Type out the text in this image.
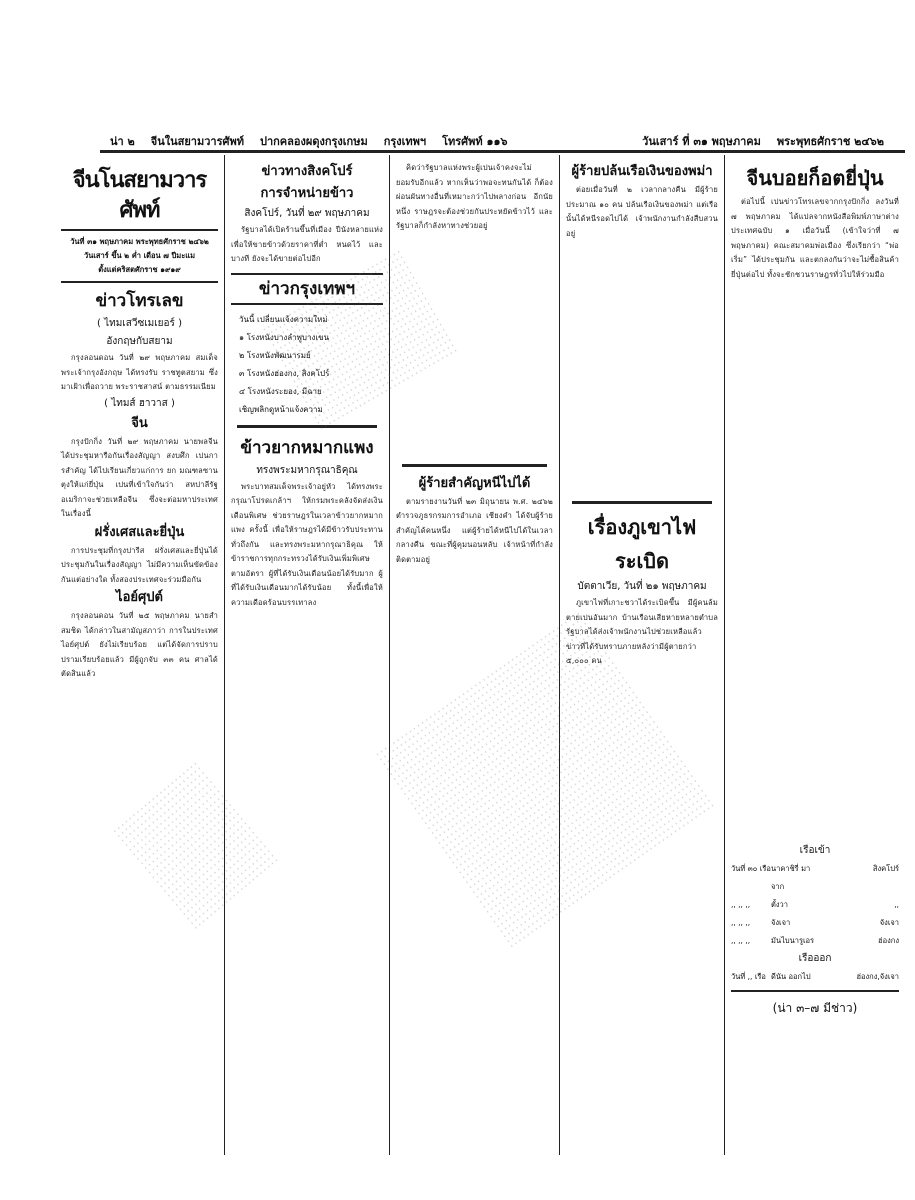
น่า ๒ จีนในสยามวารศัพท์ ปากคลองผดุงกรุงเกษม กรุงเทพฯ โทรศัพท์ ๑๑๖	วันเสาร์ ที่ ๓๑ พฤษภาคม พระพุทธศักราช ๒๔๖๒
จีนโนสยามวารศัพท์
วันที่ ๓๑ พฤษภาคม พระพุทธศักราช ๒๔๖๒
วันเสาร์ ขึ้น ๒ ค่ำ เดือน ๗ ปีมะแม
ตั้งแต่คริสตศักราช ๑๙๑๙
ข่าวโทรเลข
( ไทมเสวีซเมเยอร์ )
อังกฤษกับสยาม

กรุงลอนดอน วันที่ ๒๙ พฤษภาคม สมเด็จพระเจ้ากรุงอังกฤษ ได้ทรงรับ ราชทูตสยาม ซึ่งมาเฝ้าเพื่อถวาย พระราชสาสน์ ตามธรรมเนียม

( ไทมส์ ฮาวาส )
จีน

กรุงปักกิ่ง วันที่ ๒๙ พฤษภาคม นายพลจีน ได้ประชุมหารือกันเรื่องสัญญา สงบศึก เปนการสำคัญ ได้ไปเรียนเกี่ยวแก่การ ยก มณฑลซานตุงให้แก่ยี่ปุ่น เปนที่เข้าใจกันว่า สหปาลีรัฐอเมริกาจะช่วยเหลือจีน ซึ่งจะต่อมหาประเทศ ในเรื่องนี้

ฝรั่งเศสและยี่ปุ่น

การประชุมที่กรุงปารีส ฝรั่งเศสและยี่ปุ่นได้ประชุมกันในเรื่องสัญญา ไม่มีความเห็นขัดข้องกันแต่อย่างใด ทั้งสองประเทศจะร่วมมือกัน

ไอย์ศุปต์

กรุงลอนดอน วันที่ ๒๕ พฤษภาคม นายสำสมชิด ได้กล่าวในสามัญสภาว่า การในประเทศไอย์ศุปต์ ยังไม่เรียบร้อย แต่ได้จัดการปราบปรามเรียบร้อยแล้ว มีผู้ถูกจับ ๓๓ คน ศาลได้ตัดสินแล้ว

ข่าวทางสิงคโปร์
การจำหน่ายข้าว
สิงคโปร์, วันที่ ๒๙ พฤษภาคม

รัฐบาลได้เปิดร้านขึ้นที่เมือง ปีนังหลายแห่ง เพื่อให้ขายข้าวด้วยราคาที่ต่ำ หนดไว้ และบางที ยังจะได้ขายต่อไปอีก

ข่าวกรุงเทพฯ
วันนี้ เปลี่ยนแจ้งความใหม่
๑ โรงหนังบางลำพูบางเขน
๒ โรงหนังพัฒนารมย์
๓ โรงหนังฮ่องกง, สิงคโปร์
๔ โรงหนังระยอง, มีฉาย
เชิญพลิกดูหน้าแจ้งความ
ข้าวยากหมากแพง
ทรงพระมหากรุณาธิคุณ

พระบาทสมเด็จพระเจ้าอยู่หัว ได้ทรงพระกรุณาโปรดเกล้าฯ ให้กรมพระคลังจัดส่งเงินเดือนพิเศษ ช่วยราษฎรในเวลาข้าวยากหมากแพง ครั้งนี้ เพื่อให้ราษฎรได้มีข้าวรับประทาน ทั่วถึงกัน และทรงพระมหากรุณาธิคุณ ให้ข้าราชการทุกกระทรวงได้รับเงินเพิ่มพิเศษตามอัตรา ผู้ที่ได้รับเงินเดือนน้อยได้รับมาก ผู้ที่ได้รับเงินเดือนมากได้รับน้อย ทั้งนี้เพื่อให้ความเดือดร้อนบรรเทาลง

คิดว่ารัฐบาลแห่งพระผู้เปนเจ้าคงจะไม่ยอมรับอีกแล้ว หากเห็นว่าพอจะทนกันได้ ก็ต้องผ่อนผันทางอื่นที่เหมาะกว่าไปพลางก่อน อีกนัยหนึ่ง ราษฎรจะต้องช่วยกันประหยัดข้าวไว้ และรัฐบาลก็กำลังหาทางช่วยอยู่

ผู้ร้ายสำคัญหนีไปได้

ตามรายงานวันที่ ๒๓ มิถุนายน พ.ศ. ๒๔๖๒ ตำรวจภูธรกรมการอำเภอ เชียงคำ ได้จับผู้ร้ายสำคัญได้คนหนึ่ง แต่ผู้ร้ายได้หนีไปได้ในเวลากลางคืน ขณะที่ผู้คุมนอนหลับ เจ้าหน้าที่กำลังติดตามอยู่

ผู้ร้ายปล้นเรือเงินของพม่า

ต่อยเมื่อวันที่ ๒ เวลากลางคืน มีผู้ร้ายประมาณ ๑๐ คน ปล้นเรือเงินของพม่า แต่เรือนั้นได้หนีรอดไปได้ เจ้าพนักงานกำลังสืบสวนอยู่

เรื่องภูเขาไฟระเบิด
บัตตาเวีย, วันที่ ๒๑ พฤษภาคม

ภูเขาไฟที่เกาะชวาได้ระเบิดขึ้น มีผู้คนล้มตายเปนอันมาก บ้านเรือนเสียหายหลายตำบล รัฐบาลได้ส่งเจ้าพนักงานไปช่วยเหลือแล้ว ข่าวที่ได้รับทราบภายหลังว่ามีผู้ตายกว่า ๕,๐๐๐ คน

จีนบอยก็อตยี่ปุ่น

ต่อไปนี้ เปนข่าวโทรเลขจากกรุงปักกิ่ง ลงวันที่ ๗ พฤษภาคม ได้แปลจากหนังสือพิมพ์ภาษาต่างประเทศฉบับ ๑ เมื่อวันนี้ (เข้าใจว่าที่ ๗ พฤษภาคม) คณะสมาคมพ่อเมือง ซึ่งเรียกว่า “พ่อเริ่ม” ได้ประชุมกัน และตกลงกันว่าจะไม่ซื้อสินค้ายี่ปุ่นต่อไป ทั้งจะชักชวนราษฎรทั่วไปให้ร่วมมือ

เรือเข้า
วันที่ ๓๐ เรือ นาคาชิรี่ มาจาก
สิงคโปร์
,, ,, ,,	ตั้งวา	,,
,, ,, ,,	จังเจา	จังเจา
,, ,, ,,	มันไบนารูเอร	ฮ่องกง
เรือออก
วันที่ ,, เรือ ดีนัน ออกไป	ฮ่องกง,จังเจา
(น่า ๓–๗ มีช่าว)
